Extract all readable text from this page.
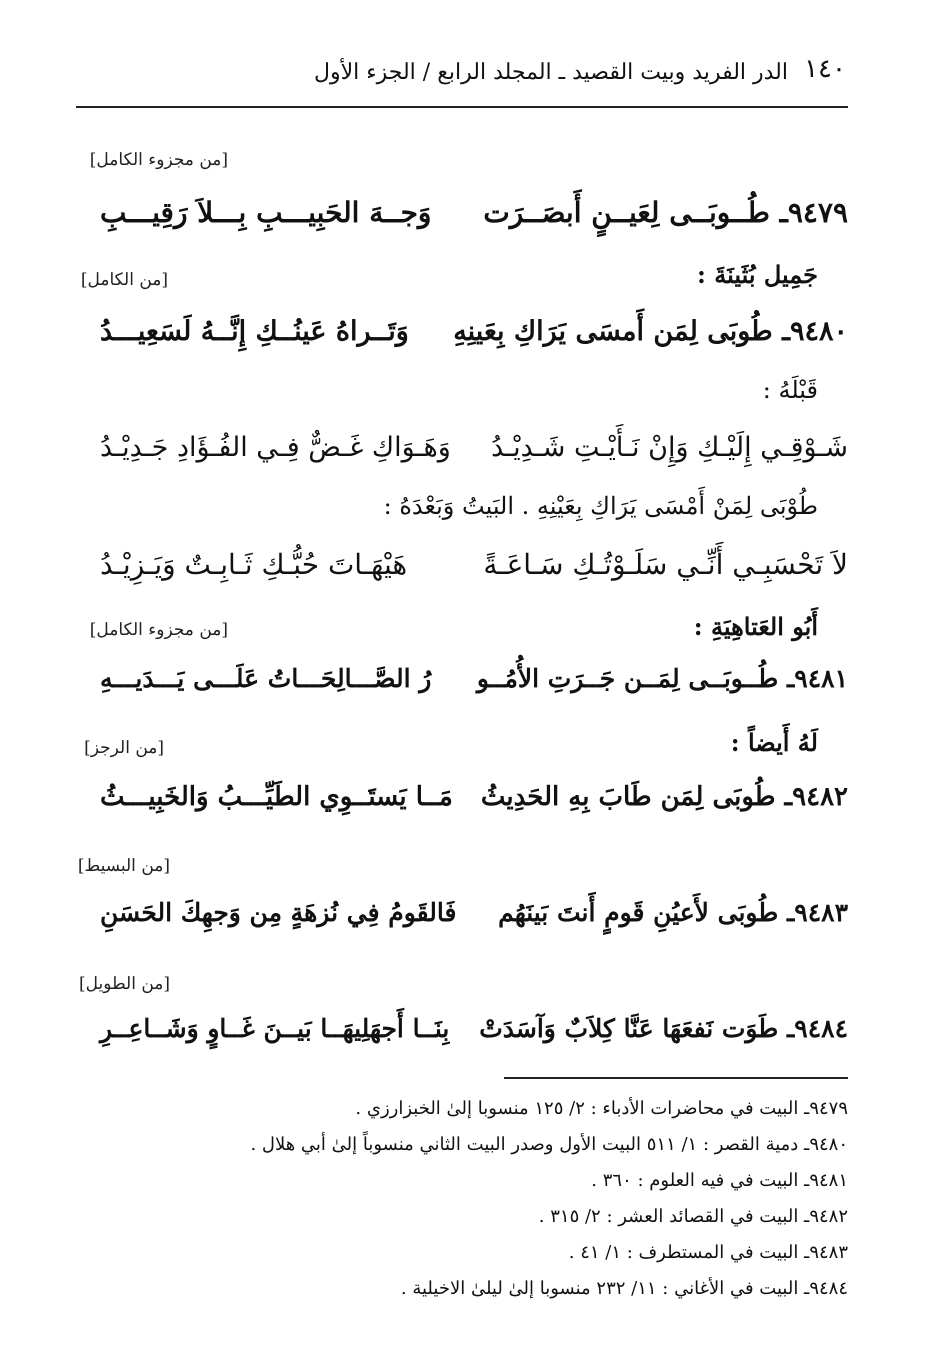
الدر الفريد وبيت القصيد ـ المجلد الرابع / الجزء الأول ١٤٠
[من مجزوء الكامل]
٩٤٧٩ـ طُــوبَــى لِعَيــنٍ أَبصَــرَت
وَجــهَ الحَبِيـــبِ بِـــلاَ رَقِيـــبِ
جَمِيل بُثَينَةَ :
[من الكامل]
٩٤٨٠ـ طُوبَى لِمَن أَمسَى يَرَاكِ بِعَينِهِ
وَتَــراهُ عَينُــكِ إِنَّــهُ لَسَعِيـــدُ
قَبْلَهُ :
شَـوْقِـي إِلَيْـكِ وَإِنْ نَـأَيْـتِ شَـدِيْـدُ
وَهَـوَاكِ غَـضٌّ فِـي الفُـؤَادِ جَـدِيْـدُ
طُوْبَى لِمَنْ أَمْسَى يَرَاكِ بِعَيْنِهِ . البَيتُ وَبَعْدَهُ :
لاَ تَحْسَبِـي أَنِّـي سَلَـوْتُـكِ سَـاعَـةً
هَيْهَـاتَ حُبُّـكِ ثَـابِـتٌ وَيَـزِيْـدُ
أَبُو العَتاهِيَةِ :
[من مجزوء الكامل]
٩٤٨١ـ طُــوبَــى لِمَــن جَــرَتِ الأُمُــو
رُ الصَّـــالِحَـــاتُ عَلَـــى يَـــدَيـــهِ
لَهُ أَيضاً :
[من الرجز]
٩٤٨٢ـ طُوبَى لِمَن طَابَ بِهِ الحَدِيثُ
مَــا يَستَــوِي الطَيِّـــبُ وَالخَبِيـــثُ
[من البسيط]
٩٤٨٣ـ طُوبَى لأَعيُنِ قَومٍ أَنتَ بَينَهُم
فَالقَومُ فِي نُزهَةٍ مِن وَجهِكَ الحَسَنِ
[من الطويل]
٩٤٨٤ـ طَوَت نَفعَهَا عَنَّا كِلاَبٌ وَآسَدَتْ
بِنَــا أَجهَلِيهَــا بَيــنَ غَــاوٍ وَشَــاعِــرِ
٩٤٧٩ـ البيت في محاضرات الأدباء : ٢/ ١٢٥ منسوبا إلىٰ الخبزارزي .
٩٤٨٠ـ دمية القصر : ١/ ٥١١ البيت الأول وصدر البيت الثاني منسوباً إلىٰ أبي هلال .
٩٤٨١ـ البيت في فيه العلوم : ٣٦٠ .
٩٤٨٢ـ البيت في القصائد العشر : ٢/ ٣١٥ .
٩٤٨٣ـ البيت في المستطرف : ١/ ٤١ .
٩٤٨٤ـ البيت في الأغاني : ١١/ ٢٣٢ منسوبا إلىٰ ليلىٰ الاخيلية .
